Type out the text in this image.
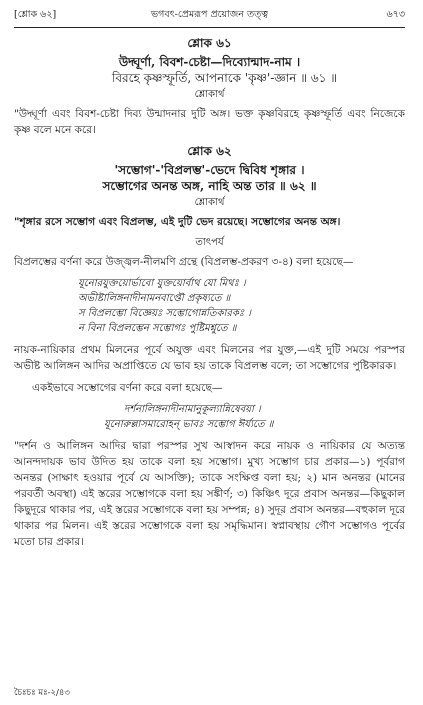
[শ্লোক ৬২]	ভগবৎ-প্রেমরূপ প্রয়োজন তত্ত্ব	৬৭৩

শ্লোক ৬১

উদ্ঘূর্ণা, বিবশ-চেষ্টা—দিব্যোন্মাদ-নাম ।

বিরহে কৃষ্ণস্ফূর্তি, আপনাকে 'কৃষ্ণ'-জ্ঞান ॥ ৬১ ॥

শ্লোকার্থ

"উদ্ঘূর্ণা এবং বিবশ-চেষ্টা দিব্য উন্মাদনার দুটি অঙ্গ। ভক্ত কৃষ্ণবিরহে কৃষ্ণস্ফূর্তি এবং নিজেকে কৃষ্ণ বলে মনে করে।

শ্লোক ৬২

'সম্ভোগ'-'বিপ্রলম্ভ'-ভেদে দ্বিবিধ শৃঙ্গার ।

সম্ভোগের অনন্ত অঙ্গ, নাহি অন্ত তার ॥ ৬২ ॥

শ্লোকার্থ

"শৃঙ্গার রসে সম্ভোগ এবং বিপ্রলম্ভ, এই দুটি ভেদ রয়েছে। সম্ভোগের অনন্ত অঙ্গ।

তাৎপর্য

বিপ্রলম্ভের বর্ণনা করে উজ্জ্বল-নীলমণি গ্রন্থে (বিপ্রলম্ভ-প্রকরণ ৩-৪) বলা হয়েছে—

যূনোরযুক্তয়োর্ভাবো যুক্তয়োর্বাথ যো মিথঃ ।

অভীষ্টালিঙ্গনাদীনামনবাপ্তৌ প্রকৃষ্যতে ॥

স বিপ্রলম্ভো বিজ্ঞেয়ঃ সম্ভোগোন্নতিকারকঃ ।

ন বিনা বিপ্রলম্ভেন সম্ভোগঃ পুষ্টিমশ্নুতে ॥

নায়ক-নায়িকার প্রথম মিলনের পূর্বে অযুক্ত এবং মিলনের পর যুক্ত,—এই দুটি সময়ে পরস্পর অভীষ্ট আলিঙ্গন আদির অপ্রাপ্তিতে যে ভাব হয় তাকে বিপ্রলম্ভ বলে; তা সম্ভোগের পুষ্টিকারক।

একইভাবে সম্ভোগের বর্ণনা করে বলা হয়েছে—

দর্শনালিঙ্গনাদীনামানুকূল্যান্নিষেবয়া ।

যূনোরুল্লাসমারোহন্ ভাবঃ সম্ভোগ ঈর্য্যতে ॥

"দর্শন ও আলিঙ্গন আদির দ্বারা পরস্পর সুখ আস্বাদন করে নায়ক ও নায়িকার যে অত্যন্ত আনন্দদায়ক ভাব উদিত হয় তাকে বলা হয় সম্ভোগ। মুখ্য সম্ভোগ চার প্রকার—১) পূর্বরাগ অনন্তর (সাক্ষাৎ হওয়ার পূর্বে যে আসক্তি); তাকে সংক্ষিপ্ত বলা হয়; ২) মান অনন্তর (মানের পরবর্তী অবস্থা) এই স্তরের সম্ভোগকে বলা হয় সঙ্কীর্ণ; ৩) কিঞ্চিৎ দূরে প্রবাস অনন্তর—কিছুকাল কিছুদূরে থাকার পর, এই স্তরের সম্ভোগকে বলা হয় সম্পন্ন; ৪) সুদূর প্রবাস অনন্তর—বহুকাল দূরে থাকার পর মিলন। এই স্তরের সম্ভোগকে বলা হয় সমৃদ্ধিমান। স্বপ্নাবস্থায় গৌণ সম্ভোগও পূর্বের মতো চার প্রকার।

চৈঃচঃ মঃ-২/৪৩
